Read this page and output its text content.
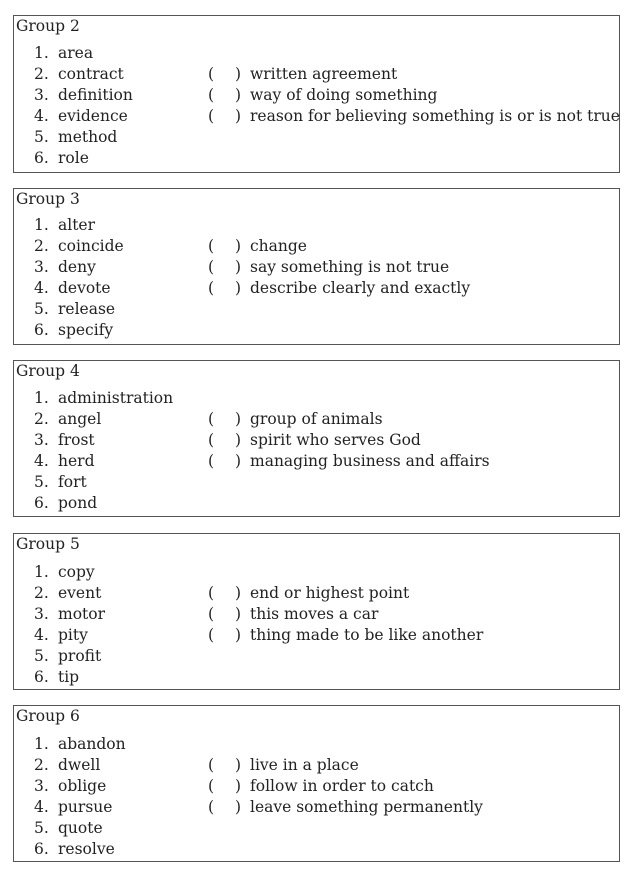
Group 2
1. area
2. contract	( ) written agreement
3. definition	( ) way of doing something
4. evidence	( ) reason for believing something is or is not true
5. method
6. role
Group 3
1. alter
2. coincide	( ) change
3. deny	( ) say something is not true
4. devote	( ) describe clearly and exactly
5. release
6. specify
Group 4
1. administration
2. angel	( ) group of animals
3. frost	( ) spirit who serves God
4. herd	( ) managing business and affairs
5. fort
6. pond
Group 5
1. copy
2. event	( ) end or highest point
3. motor	( ) this moves a car
4. pity	( ) thing made to be like another
5. profit
6. tip
Group 6
1. abandon
2. dwell	( ) live in a place
3. oblige	( ) follow in order to catch
4. pursue	( ) leave something permanently
5. quote
6. resolve
